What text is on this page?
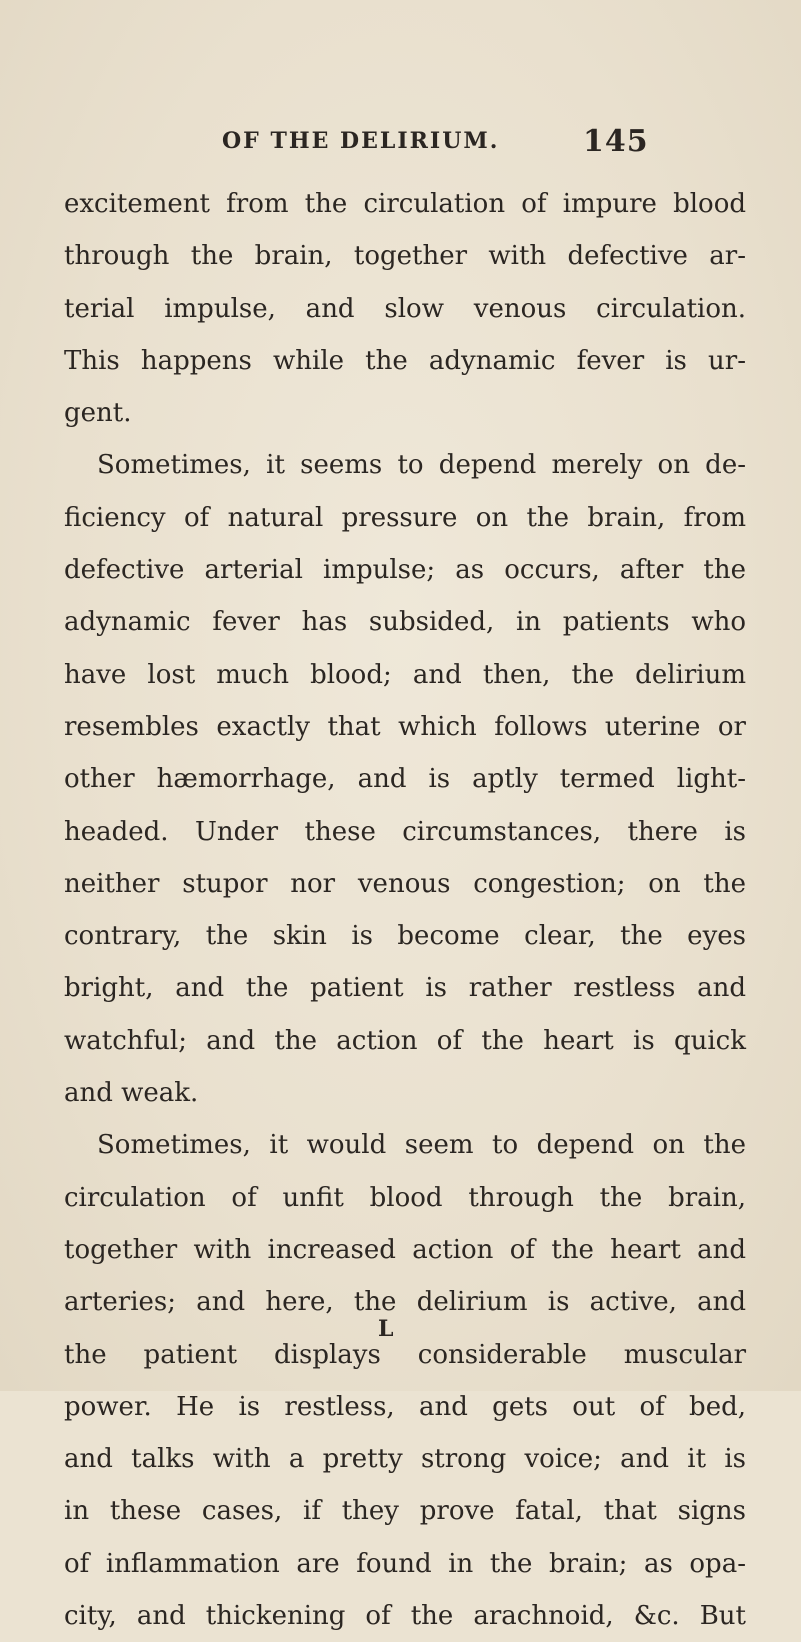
OF THE DELIRIUM.	145
excitement from the circulation of impure blood
through the brain, together with defective ar-
terial impulse, and slow venous circulation.
This happens while the adynamic fever is ur-
gent.
Sometimes, it seems to depend merely on de-
ficiency of natural pressure on the brain, from
defective arterial impulse; as occurs, after the
adynamic fever has subsided, in patients who
have lost much blood; and then, the delirium
resembles exactly that which follows uterine or
other hæmorrhage, and is aptly termed light-
headed. Under these circumstances, there is
neither stupor nor venous congestion; on the
contrary, the skin is become clear, the eyes
bright, and the patient is rather restless and
watchful; and the action of the heart is quick
and weak.
Sometimes, it would seem to depend on the
circulation of unfit blood through the brain,
together with increased action of the heart and
arteries; and here, the delirium is active, and
the patient displays considerable muscular
power. He is restless, and gets out of bed,
and talks with a pretty strong voice; and it is
in these cases, if they prove fatal, that signs
of inflammation are found in the brain; as opa-
city, and thickening of the arachnoid, &c. But
L
